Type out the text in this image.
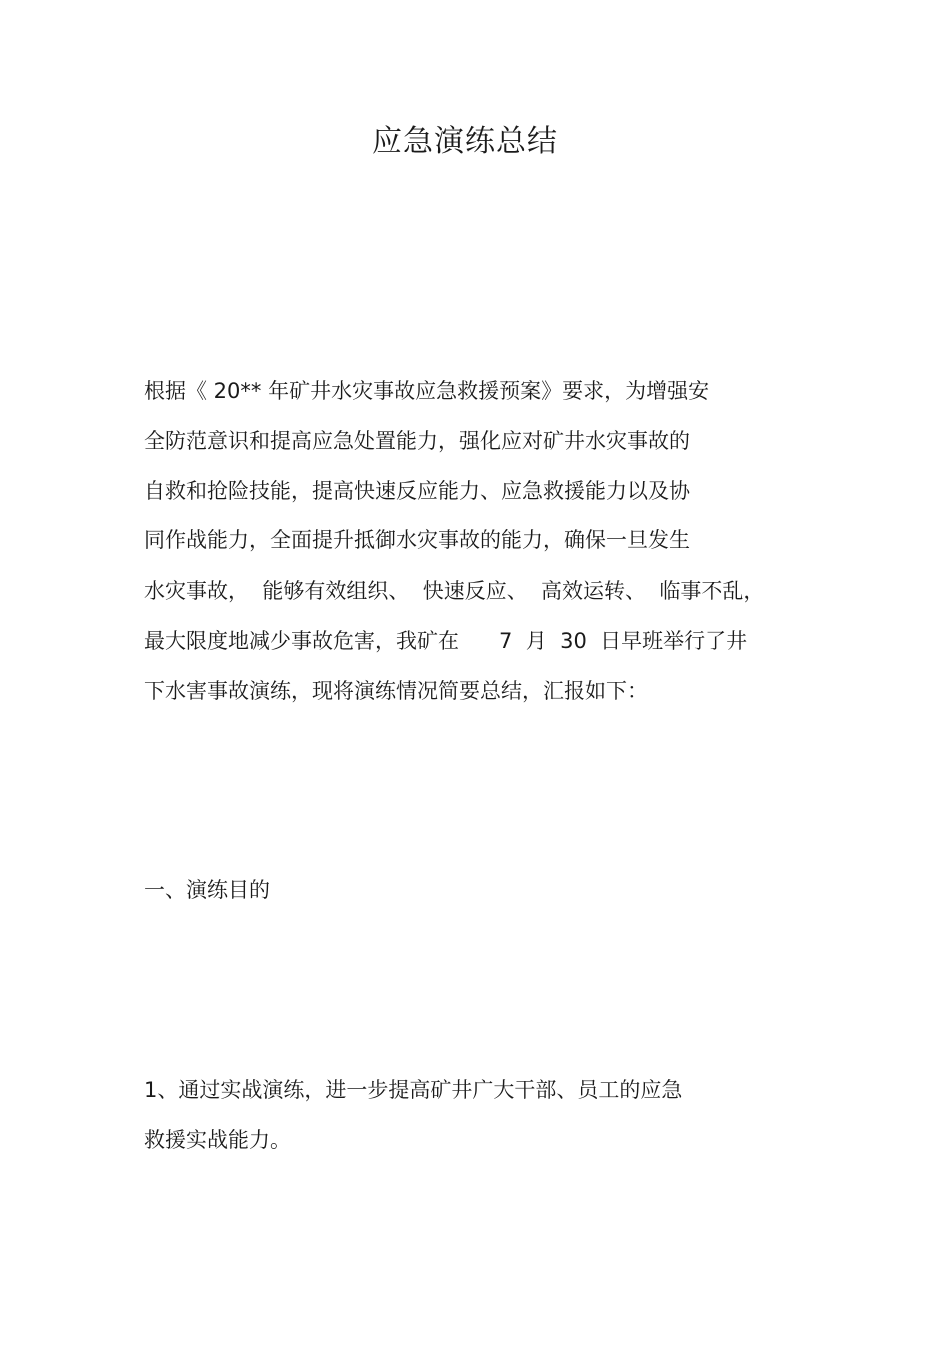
应急演练总结
根据《 20** 年矿井水灾事故应急救援预案》要求，为增强安
全防范意识和提高应急处置能力，强化应对矿井水灾事故的
自救和抢险技能，提高快速反应能力、应急救援能力以及协
同作战能力，全面提升抵御水灾事故的能力，确保一旦发生
水灾事故，  能够有效组织、  快速反应、  高效运转、  临事不乱，
最大限度地减少事故危害，我矿在      7  月  30  日早班举行了井
下水害事故演练，现将演练情况简要总结，汇报如下：
一、演练目的
1、通过实战演练，进一步提高矿井广大干部、员工的应急
救援实战能力。
